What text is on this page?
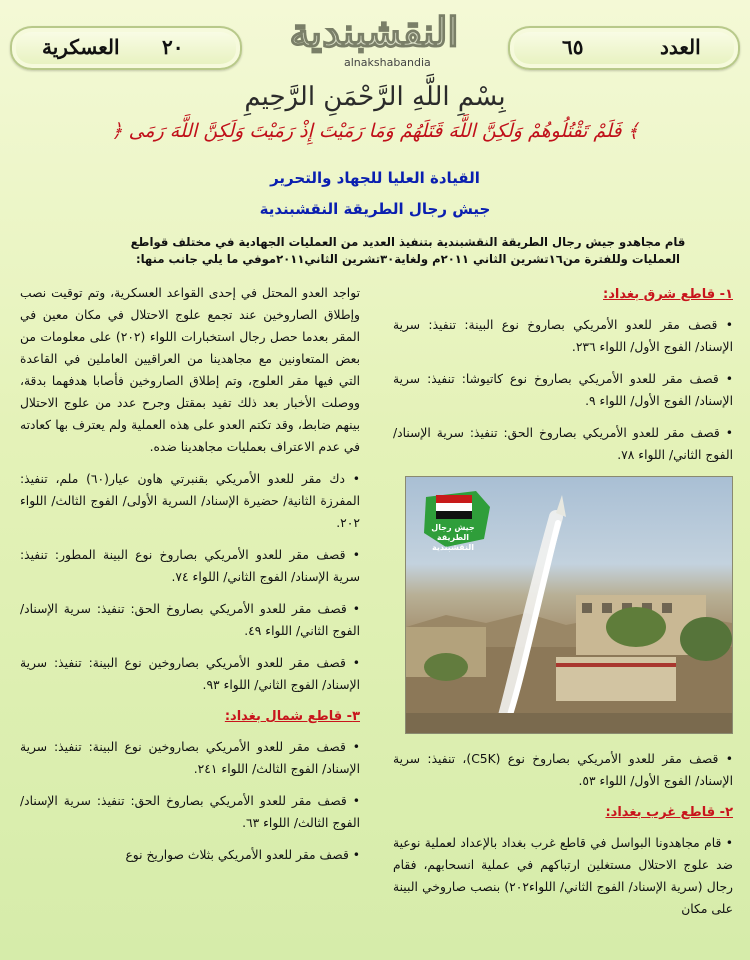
العدد
٦٥
النقشبندية
alnakshabandia
٢٠
العسكرية
بِسْمِ اللَّهِ الرَّحْمَنِ الرَّحِيمِ
﴿ فَلَمْ تَقْتُلُوهُمْ وَلَكِنَّ اللَّهَ قَتَلَهُمْ وَمَا رَمَيْتَ إِذْ رَمَيْتَ وَلَكِنَّ اللَّهَ رَمَى ﴾
القيادة العليا للجهاد والتحرير
جيش رجال الطريقة النقشبندية
قام مجاهدو جيش رجال الطريقة النقشبندية بتنفيذ العديد من العمليات الجهادية في مختلف قواطع العمليات وللفترة من١٦تشرين الثاني ٢٠١١م ولغاية٣٠تشرين الثاني٢٠١١موفي ما يلي جانب منها:
١- قاطع شرق بغداد:

• قصف مقر للعدو الأمريكي بصاروخ نوع البينة: تنفيذ: سرية الإسناد/ الفوج الأول/ اللواء ٢٣٦.

• قصف مقر للعدو الأمريكي بصاروخ نوع كاتيوشا: تنفيذ: سرية الإسناد/ الفوج الأول/ اللواء ٩.

• قصف مقر للعدو الأمريكي بصاروخ الحق: تنفيذ: سرية الإسناد/ الفوج الثاني/ اللواء ٧٨.

جيش رجال الطريقة النقشبندية

• قصف مقر للعدو الأمريكي بصاروخ نوع (C5K)، تنفيذ: سرية الإسناد/ الفوج الأول/ اللواء ٥٣.

٢- قاطع غرب بغداد:

• قام مجاهدونا البواسل في قاطع غرب بغداد بالإعداد لعملية نوعية ضد علوج الاحتلال مستغلين ارتباكهم في عملية انسحابهم، فقام رجال (سرية الإسناد/ الفوج الثاني/ اللواء٢٠٢) بنصب صاروخي البينة على مكان

تواجد العدو المحتل في إحدى القواعد العسكرية، وتم توقيت نصب وإطلاق الصاروخين عند تجمع علوج الاحتلال في مكان معين في المقر بعدما حصل رجال استخبارات اللواء (٢٠٢) على معلومات من بعض المتعاونين مع مجاهدينا من العراقيين العاملين في القاعدة التي فيها مقر العلوج، وتم إطلاق الصاروخين فأصابا هدفهما بدقة، ووصلت الأخبار بعد ذلك تفيد بمقتل وجرح عدد من علوج الاحتلال بينهم ضابط، وقد تكتم العدو على هذه العملية ولم يعترف بها كعادته في عدم الاعتراف بعمليات مجاهدينا ضده.

• دك مقر للعدو الأمريكي بقنبرتي هاون عيار(٦٠) ملم، تنفيذ: المفرزة الثانية/ حضيرة الإسناد/ السرية الأولى/ الفوج الثالث/ اللواء ٢٠٢.

• قصف مقر للعدو الأمريكي بصاروخ نوع البينة المطور: تنفيذ: سرية الإسناد/ الفوج الثاني/ اللواء ٧٤.

• قصف مقر للعدو الأمريكي بصاروخ الحق: تنفيذ: سرية الإسناد/ الفوج الثاني/ اللواء ٤٩.

• قصف مقر للعدو الأمريكي بصاروخين نوع البينة: تنفيذ: سرية الإسناد/ الفوج الثاني/ اللواء ٩٣.

٣- قاطع شمال بغداد:

• قصف مقر للعدو الأمريكي بصاروخين نوع البينة: تنفيذ: سرية الإسناد/ الفوج الثالث/ اللواء ٢٤١.

• قصف مقر للعدو الأمريكي بصاروخ الحق: تنفيذ: سرية الإسناد/ الفوج الثالث/ اللواء ٦٣.

• قصف مقر للعدو الأمريكي بثلاث صواريخ نوع
